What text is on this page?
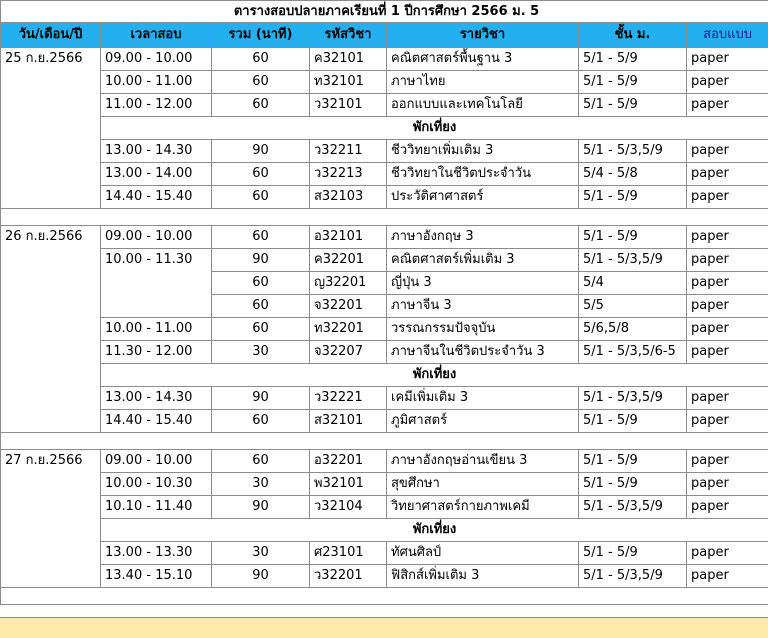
ตารางสอบปลายภาคเรียนที่ 1 ปีการศึกษา 2566 ม. 5						
วัน/เดือน/ปี	เวลาสอบ	รวม (นาที)	รหัสวิชา	รายวิชา	ชั้น ม.	สอบแบบ
25 ก.ย.2566	09.00 - 10.00	60	ค32101	คณิตศาสตร์พื้นฐาน 3	5/1 - 5/9	paper
	10.00 - 11.00	60	ท32101	ภาษาไทย	5/1 - 5/9	paper
	11.00 - 12.00	60	ว32101	ออกแบบและเทคโนโลยี	5/1 - 5/9	paper
	พักเที่ยง					
	13.00 - 14.30	90	ว32211	ชีววิทยาเพิ่มเติม 3	5/1 - 5/3,5/9	paper
	13.00 - 14.00	60	ว32213	ชีววิทยาในชีวิตประจำวัน	5/4 - 5/8	paper
	14.40 - 15.40	60	ส32103	ประวัติศาศาสตร์	5/1 - 5/9	paper

26 ก.ย.2566	09.00 - 10.00	60	อ32101	ภาษาอังกฤษ 3	5/1 - 5/9	paper
	10.00 - 11.30	90	ค32201	คณิตศาสตร์เพิ่มเติม 3	5/1 - 5/3,5/9	paper
		60	ญ32201	ญี่ปุ่น 3	5/4	paper
		60	จ32201	ภาษาจีน 3	5/5	paper
	10.00 - 11.00	60	ท32201	วรรณกรรมปัจจุบัน	5/6,5/8	paper
	11.30 - 12.00	30	จ32207	ภาษาจีนในชีวิตประจำวัน 3	5/1 - 5/3,5/6-5	paper
	พักเที่ยง					
	13.00 - 14.30	90	ว32221	เคมีเพิ่มเติม 3	5/1 - 5/3,5/9	paper
	14.40 - 15.40	60	ส32101	ภูมิศาสตร์	5/1 - 5/9	paper

27 ก.ย.2566	09.00 - 10.00	60	อ32201	ภาษาอังกฤษอ่านเขียน 3	5/1 - 5/9	paper
	10.00 - 10.30	30	พ32101	สุขศึกษา	5/1 - 5/9	paper
	10.10 - 11.40	90	ว32104	วิทยาศาสตร์กายภาพเคมี	5/1 - 5/3,5/9	paper
	พักเที่ยง					
	13.00 - 13.30	30	ศ23101	ทัศนศิลป์	5/1 - 5/9	paper
	13.40 - 15.10	90	ว32201	ฟิสิกส์เพิ่มเติม 3	5/1 - 5/3,5/9	paper
